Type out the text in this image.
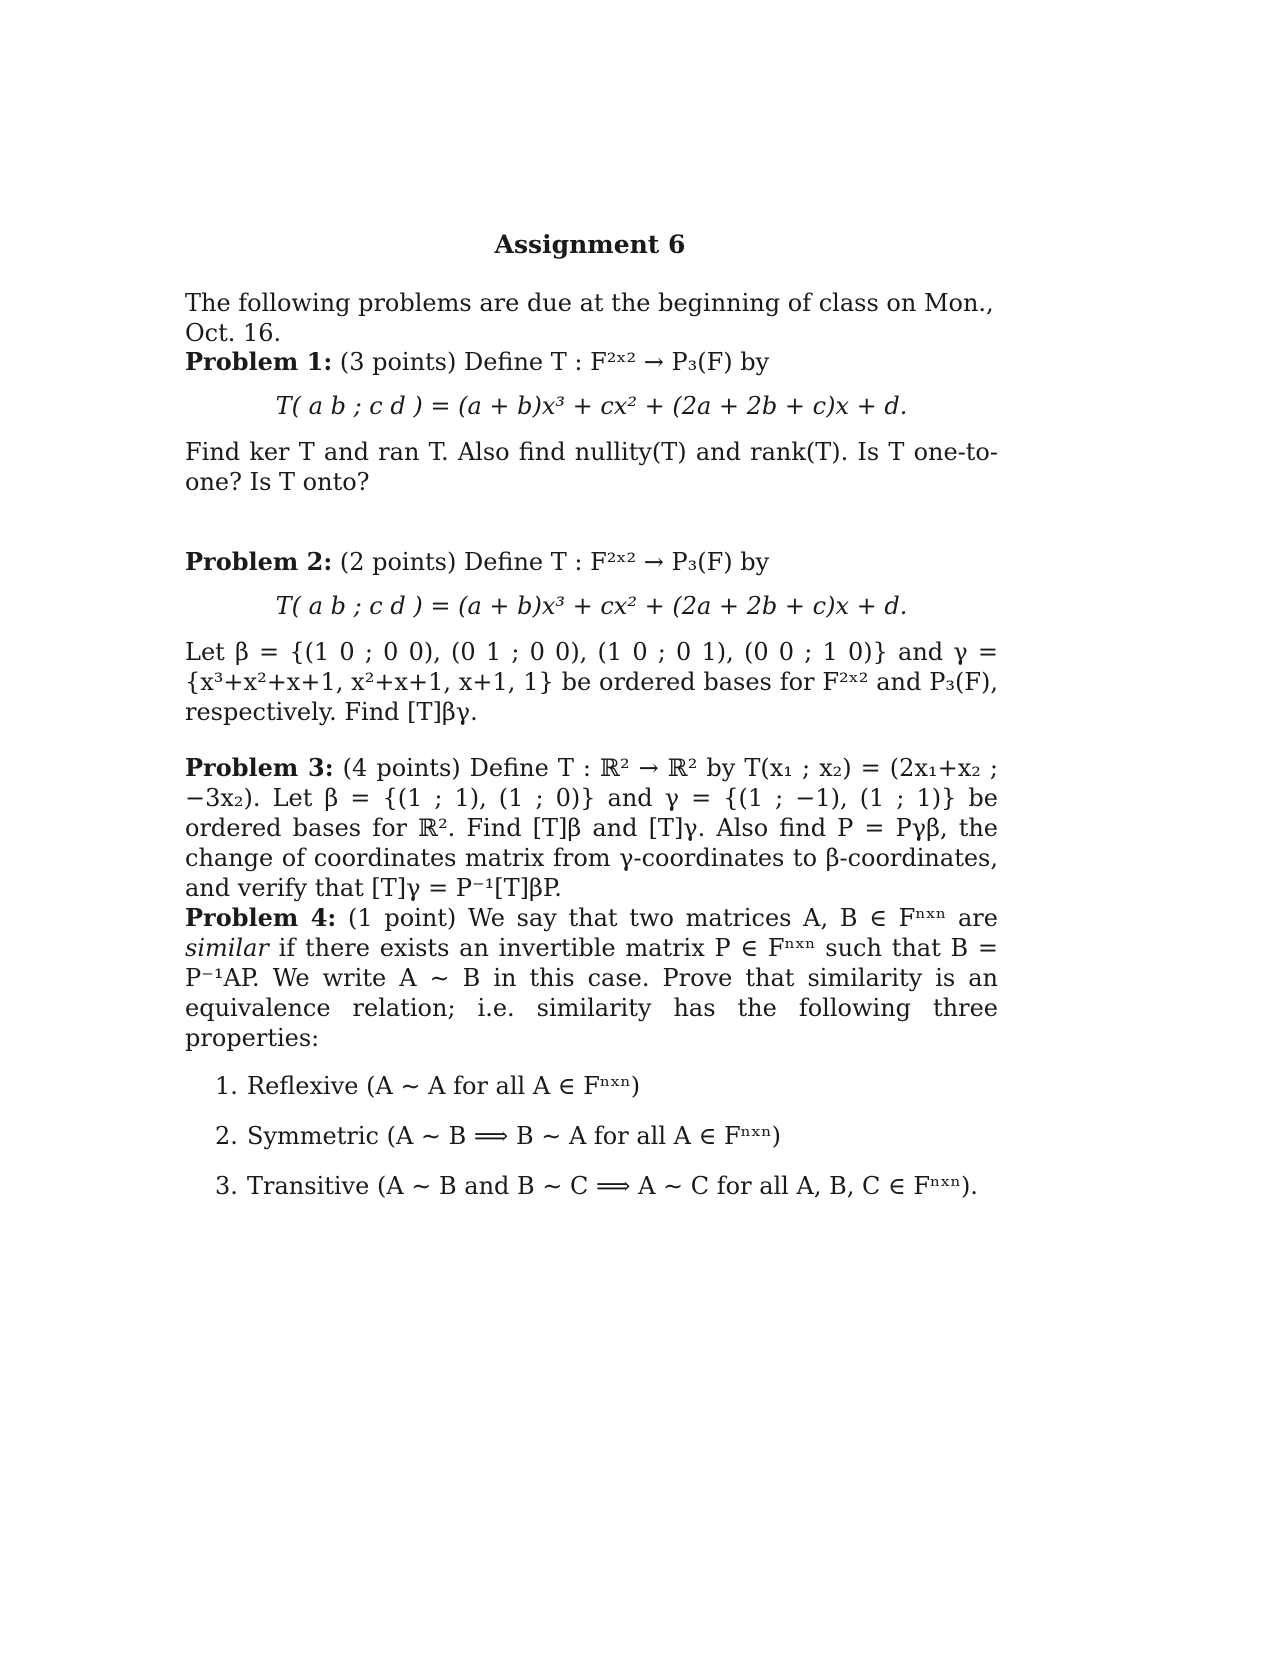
Assignment 6
The following problems are due at the beginning of class on Mon., Oct. 16.
Problem 1: (3 points) Define T : F²ˣ² → P₃(F) by
T( a b ; c d ) = (a + b)x³ + cx² + (2a + 2b + c)x + d.
Find ker T and ran T. Also find nullity(T) and rank(T). Is T one-to-one? Is T onto?
Problem 2: (2 points) Define T : F²ˣ² → P₃(F) by
T( a b ; c d ) = (a + b)x³ + cx² + (2a + 2b + c)x + d.
Let β = {(1 0 ; 0 0), (0 1 ; 0 0), (1 0 ; 0 1), (0 0 ; 1 0)} and γ = {x³+x²+x+1, x²+x+1, x+1, 1} be ordered bases for F²ˣ² and P₃(F), respectively. Find [T]βγ.
Problem 3: (4 points) Define T : ℝ² → ℝ² by T(x₁ ; x₂) = (2x₁+x₂ ; −3x₂). Let β = {(1 ; 1), (1 ; 0)} and γ = {(1 ; −1), (1 ; 1)} be ordered bases for ℝ². Find [T]β and [T]γ. Also find P = Pγβ, the change of coordinates matrix from γ-coordinates to β-coordinates, and verify that [T]γ = P⁻¹[T]βP.
Problem 4: (1 point) We say that two matrices A, B ∈ Fⁿˣⁿ are similar if there exists an invertible matrix P ∈ Fⁿˣⁿ such that B = P⁻¹AP. We write A ∼ B in this case. Prove that similarity is an equivalence relation; i.e. similarity has the following three properties:
1. Reflexive (A ∼ A for all A ∈ Fⁿˣⁿ)
2. Symmetric (A ∼ B ⟹ B ∼ A for all A ∈ Fⁿˣⁿ)
3. Transitive (A ∼ B and B ∼ C ⟹ A ∼ C for all A, B, C ∈ Fⁿˣⁿ).
